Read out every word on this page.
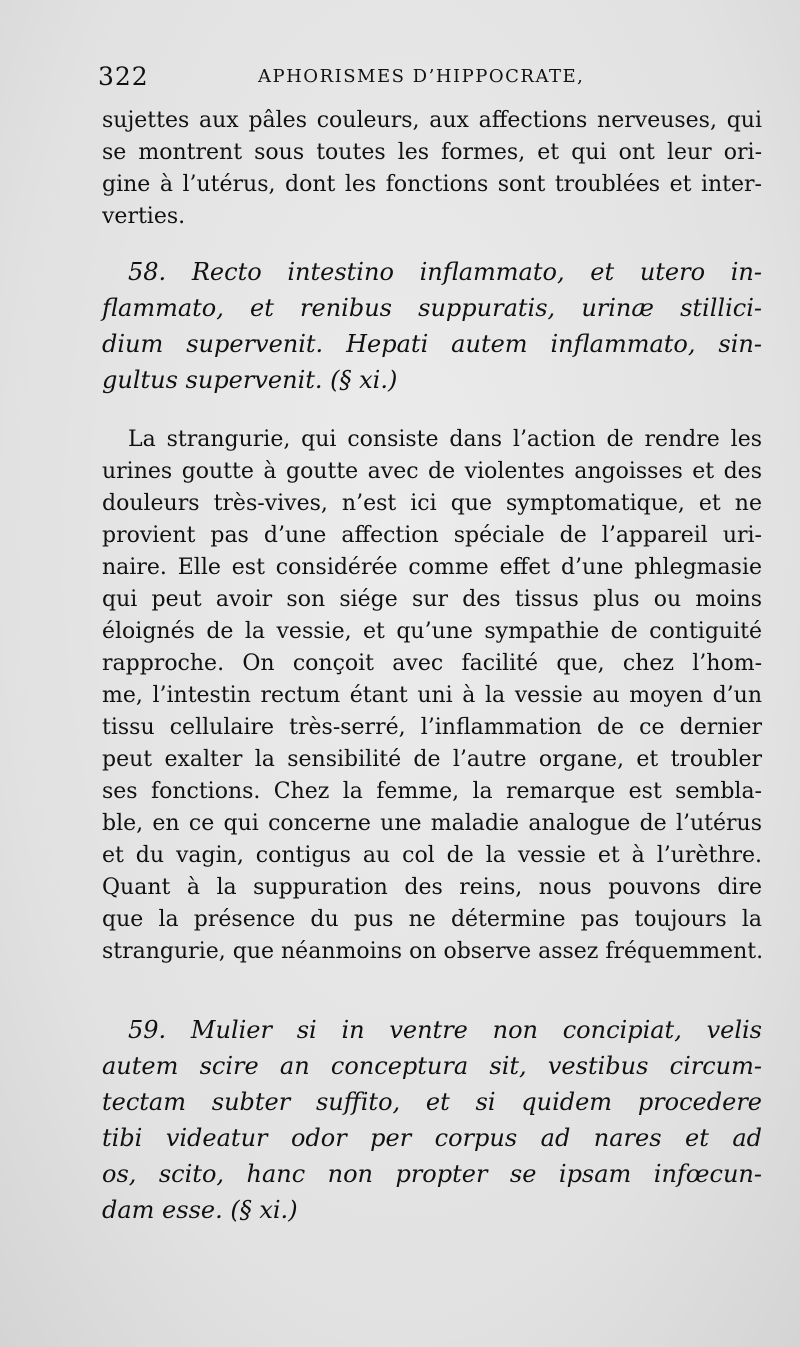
322	APHORISMES D’HIPPOCRATE,
sujettes aux pâles couleurs, aux affections nerveuses, qui
se montrent sous toutes les formes, et qui ont leur ori-
gine à l’utérus, dont les fonctions sont troublées et inter-
verties.
58. Recto intestino inflammato, et utero in-
flammato, et renibus suppuratis, urinæ stillici-
dium supervenit. Hepati autem inflammato, sin-
gultus supervenit. (§ xi.)
La strangurie, qui consiste dans l’action de rendre les
urines goutte à goutte avec de violentes angoisses et des
douleurs très-vives, n’est ici que symptomatique, et ne
provient pas d’une affection spéciale de l’appareil uri-
naire. Elle est considérée comme effet d’une phlegmasie
qui peut avoir son siége sur des tissus plus ou moins
éloignés de la vessie, et qu’une sympathie de contiguité
rapproche. On conçoit avec facilité que, chez l’hom-
me, l’intestin rectum étant uni à la vessie au moyen d’un
tissu cellulaire très-serré, l’inflammation de ce dernier
peut exalter la sensibilité de l’autre organe, et troubler
ses fonctions. Chez la femme, la remarque est sembla-
ble, en ce qui concerne une maladie analogue de l’utérus
et du vagin, contigus au col de la vessie et à l’urèthre.
Quant à la suppuration des reins, nous pouvons dire
que la présence du pus ne détermine pas toujours la
strangurie, que néanmoins on observe assez fréquemment.
59. Mulier si in ventre non concipiat, velis
autem scire an conceptura sit, vestibus circum-
tectam subter suffito, et si quidem procedere
tibi videatur odor per corpus ad nares et ad
os, scito, hanc non propter se ipsam infœcun-
dam esse. (§ xi.)
